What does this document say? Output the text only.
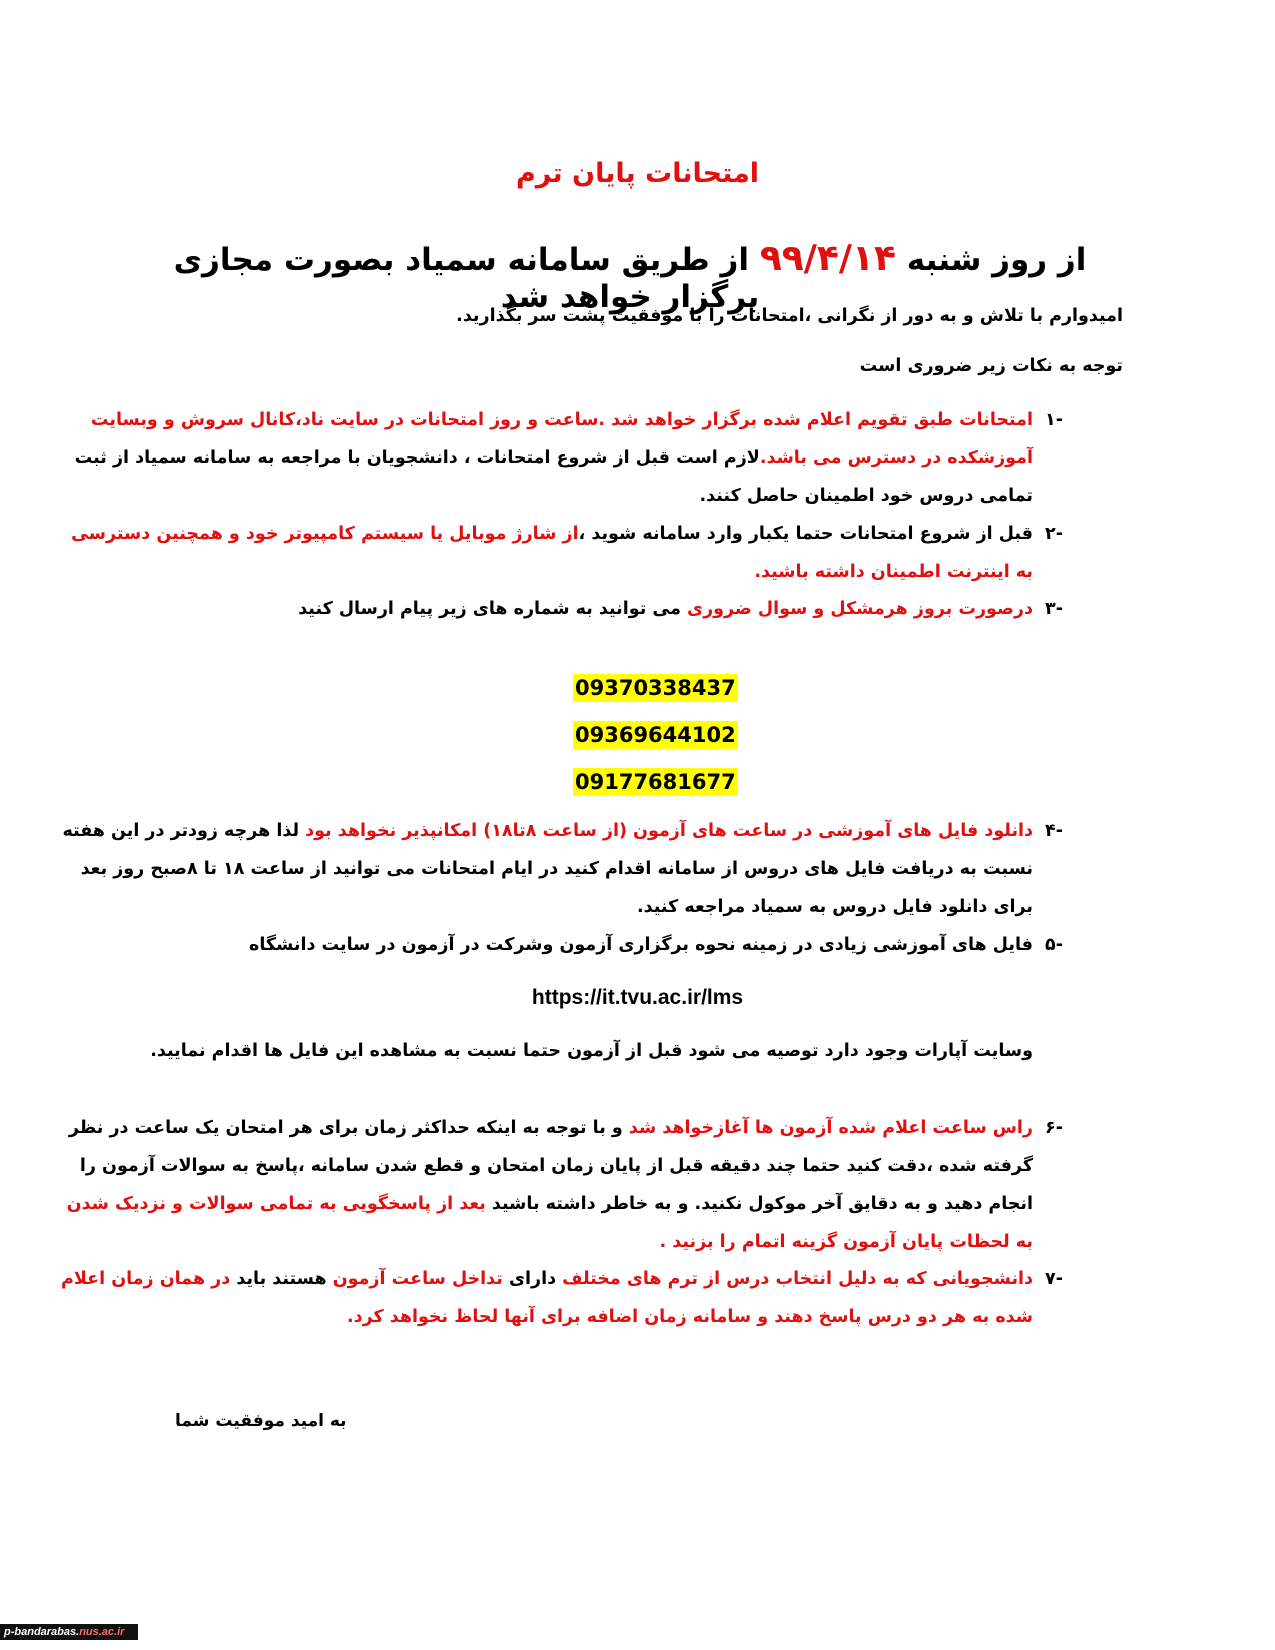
امتحانات پایان ترم
از روز شنبه ۹۹/۴/۱۴ از طریق سامانه سمیاد بصورت مجازی برگزار خواهد شد
امیدوارم با تلاش و به دور از نگرانی ،امتحانات را با موفقیت پشت سر بگذارید.
توجه به نکات زیر ضروری است
-۱
امتحانات طبق تقویم اعلام شده برگزار خواهد شد .ساعت و روز امتحانات در سایت ناد،کانال سروش و وبسایت
آموزشکده در دسترس می باشد.لازم است قبل از شروع امتحانات ، دانشجویان با مراجعه به سامانه سمیاد از ثبت
تمامی دروس خود اطمینان حاصل کنند.
-۲
قبل از شروع امتحانات حتما یکبار وارد سامانه شوید ،از شارژ موبایل یا سیستم کامپیوتر خود و همچنین دسترسی
به اینترنت اطمینان داشته باشید.
-۳
درصورت بروز هرمشکل و سوال ضروری می توانید به شماره های زیر پیام ارسال کنید
09370338437
09369644102
09177681677
-۴
دانلود فایل های آموزشی در ساعت های آزمون (از ساعت ۸تا۱۸) امکانپذیر نخواهد بود لذا هرچه زودتر در این هفته
نسبت به دریافت فایل های دروس از سامانه اقدام کنید در ایام امتحانات می توانید از ساعت ۱۸ تا ۸صبح روز بعد
برای دانلود فایل دروس به سمیاد مراجعه کنید.
-۵
فایل های آموزشی زیادی در زمینه نحوه برگزاری آزمون وشرکت در آزمون در سایت دانشگاه
https://it.tvu.ac.ir/lms
وسایت آپارات وجود دارد توصیه می شود قبل از آزمون حتما نسبت به مشاهده این فایل ها اقدام نمایید.
-۶
راس ساعت اعلام شده آزمون ها آغازخواهد شد و با توجه به اینکه حداکثر زمان برای هر امتحان یک ساعت در نظر
گرفته شده ،دقت کنید حتما چند دقیقه قبل از پایان زمان امتحان و قطع شدن سامانه ،پاسخ به سوالات آزمون را
انجام دهید و به دقایق آخر موکول نکنید. و به خاطر داشته باشید بعد از پاسخگویی به تمامی سوالات و نزدیک شدن
به لحظات پایان آزمون گزینه اتمام را بزنید .
-۷
دانشجویانی که به دلیل انتخاب درس از ترم های مختلف دارای تداخل ساعت آزمون هستند باید در همان زمان اعلام
شده به هر دو درس پاسخ دهند و سامانه زمان اضافه برای آنها لحاظ نخواهد کرد.
به امید موفقیت شما
p-bandarabas.nus.ac.ir
